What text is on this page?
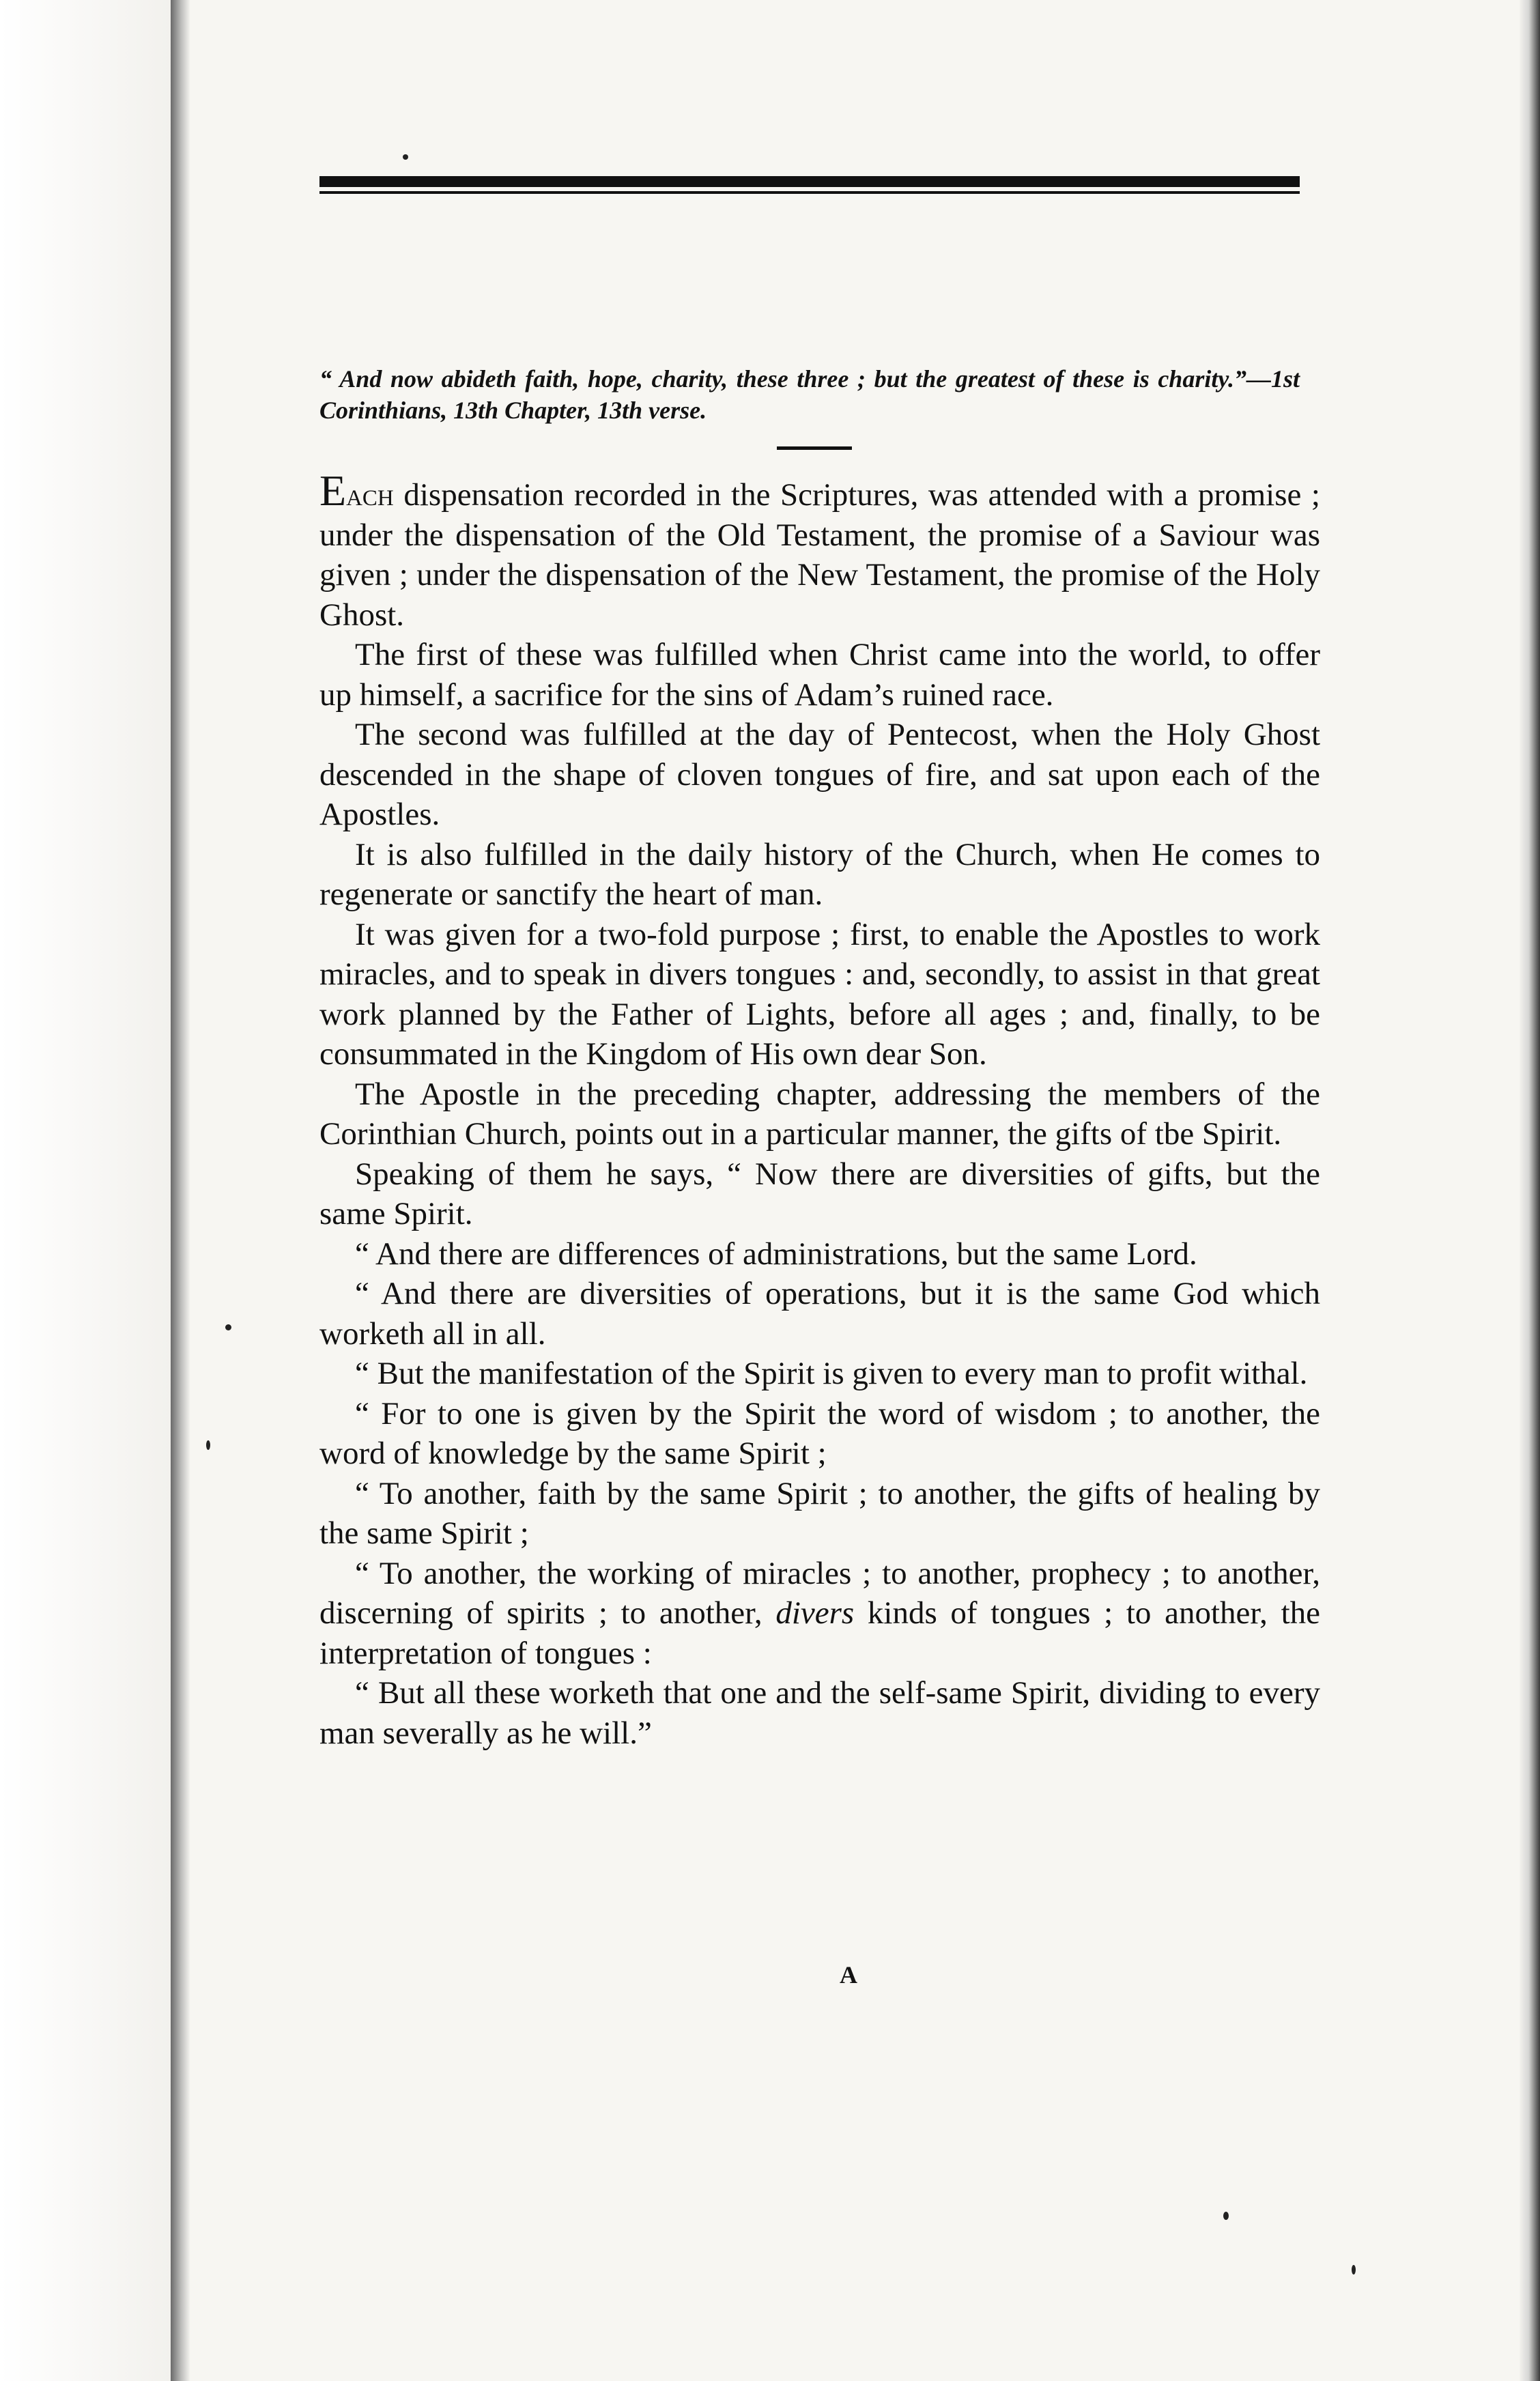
“ And now abideth faith, hope, charity, these three ; but the greatest of these is charity.”—1st Corinthians, 13th Chapter, 13th verse.

Each dispensation recorded in the Scriptures, was attended with a promise ; under the dispensation of the Old Testament, the promise of a Saviour was given ; under the dispensation of the New Testament, the promise of the Holy Ghost.

The first of these was fulfilled when Christ came into the world, to offer up himself, a sacrifice for the sins of Adam’s ruined race.

The second was fulfilled at the day of Pentecost, when the Holy Ghost descended in the shape of cloven tongues of fire, and sat upon each of the Apostles.

It is also fulfilled in the daily history of the Church, when He comes to regenerate or sanctify the heart of man.

It was given for a two-fold purpose ; first, to enable the Apostles to work miracles, and to speak in divers tongues : and, secondly, to assist in that great work planned by the Father of Lights, before all ages ; and, finally, to be consummated in the Kingdom of His own dear Son.

The Apostle in the preceding chapter, addressing the members of the Corinthian Church, points out in a particular manner, the gifts of tbe Spirit.

Speaking of them he says, “ Now there are diversities of gifts, but the same Spirit.

“ And there are differences of administrations, but the same Lord.

“ And there are diversities of operations, but it is the same God which worketh all in all.

“ But the manifestation of the Spirit is given to every man to profit withal.

“ For to one is given by the Spirit the word of wisdom ; to another, the word of knowledge by the same Spirit ;

“ To another, faith by the same Spirit ; to another, the gifts of healing by the same Spirit ;

“ To another, the working of miracles ; to another, prophecy ; to another, discerning of spirits ; to another, divers kinds of tongues ; to another, the interpretation of tongues :

“ But all these worketh that one and the self-same Spirit, dividing to every man severally as he will.”

A
